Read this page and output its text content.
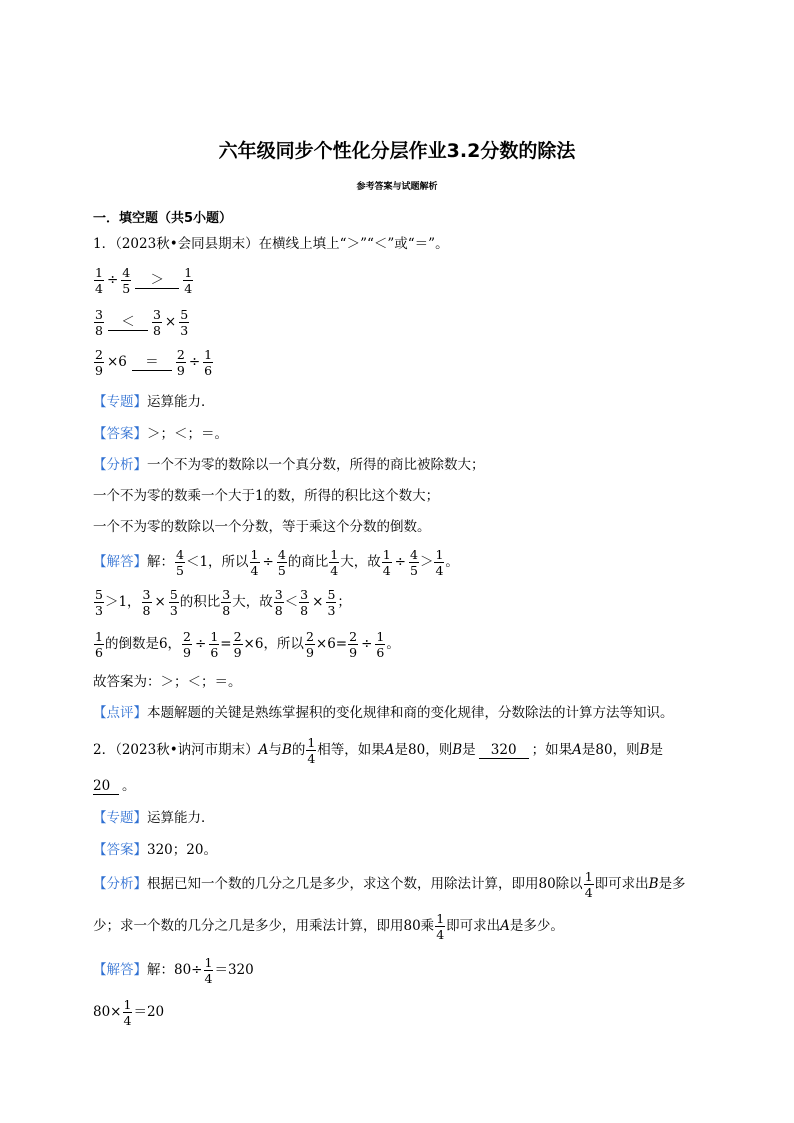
六年级同步个性化分层作业3.2分数的除法
参考答案与试题解析
一．填空题（共5小题）
1．（2023秋•会同县期末）在横线上填上“＞”“＜”或“＝”。
$\frac{1}{4} \div \frac{4}{5} > \frac{1}{4}$
$\frac{3}{8} < \frac{3}{8} \times \frac{5}{3}$
$\frac{2}{9} \times 6 = \frac{2}{9} \div \frac{1}{6}$
【专题】运算能力．
【答案】＞；＜；＝。
【分析】一个不为零的数除以一个真分数，所得的商比被除数大；
一个不为零的数乘一个大于1的数，所得的积比这个数大；
一个不为零的数除以一个分数，等于乘这个分数的倒数。
【解答】解： $\frac{4}{5} <1$，所以 $\frac{1}{4} \div \frac{4}{5}$ 的商比 $\frac{1}{4}$ 大，故 $\frac{1}{4} \div \frac{4}{5} > \frac{1}{4}$ 。
$\frac{5}{3} >1$， $\frac{3}{8} \times \frac{5}{3}$ 的积比 $\frac{3}{8}$ 大，故 $\frac{3}{8} < \frac{3}{8} \times \frac{5}{3}$ ；
$\frac{1}{6}$ 的倒数是6， $\frac{2}{9} \div \frac{1}{6} = \frac{2}{9} \times 6$，所以 $\frac{2}{9} \times 6= \frac{2}{9} \div \frac{1}{6}$ 。
故答案为：＞；＜；＝。
【点评】本题解题的关键是熟练掌握积的变化规律和商的变化规律，分数除法的计算方法等知识。
2．（2023秋•讷河市期末）A与B的 $\frac{1}{4}$ 相等，如果A是80，则B是 320 ；如果A是80，则B是
20 。
【专题】运算能力．
【答案】320；20。
【分析】根据已知一个数的几分之几是多少，求这个数，用除法计算，即用80除以 $\frac{1}{4}$ 即可求出B是多
少；求一个数的几分之几是多少，用乘法计算，即用80乘 $\frac{1}{4}$ 即可求出A是多少。
【解答】解：$80\div \frac{1}{4} =320$
$80\times \frac{1}{4} =20$
